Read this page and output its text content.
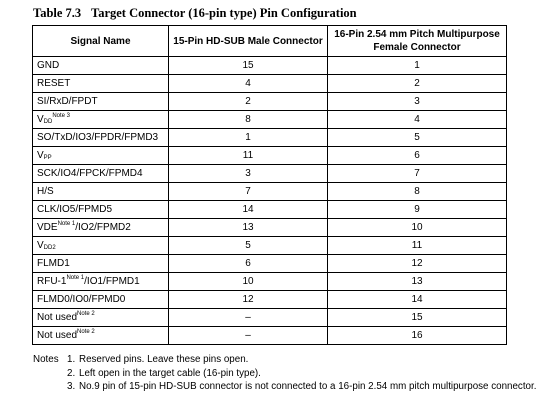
Table 7.3 Target Connector (16-pin type) Pin Configuration
Signal Name	15-Pin HD-SUB Male Connector	16-Pin 2.54 mm Pitch Multipurpose Female Connector
GND	15	1
RESET	4	2
SI/RxD/FPDT	2	3
$V_{DD}^{Note 3}$	8	4
SO/TxD/IO3/FPDR/FPMD3	1	5
$V_{PP}$	11	6
SCK/IO4/FPCK/FPMD4	3	7
H/S	7	8
CLK/IO5/FPMD5	14	9
$VDE^{Note 1}/IO2/FPMD2$	13	10
$V_{DD2}$	5	11
FLMD1	6	12
RFU-$1^{Note 1}/IO1/FPMD1$	10	13
FLMD0/IO0/FPMD0	12	14
Not used$^{Note 2}$	–	15
Not used$^{Note 2}$	–	16
Notes 1. Reserved pins. Leave these pins open.
2. Left open in the target cable (16-pin type).
3. No.9 pin of 15-pin HD-SUB connector is not connected to a 16-pin 2.54 mm pitch multipurpose connector.
